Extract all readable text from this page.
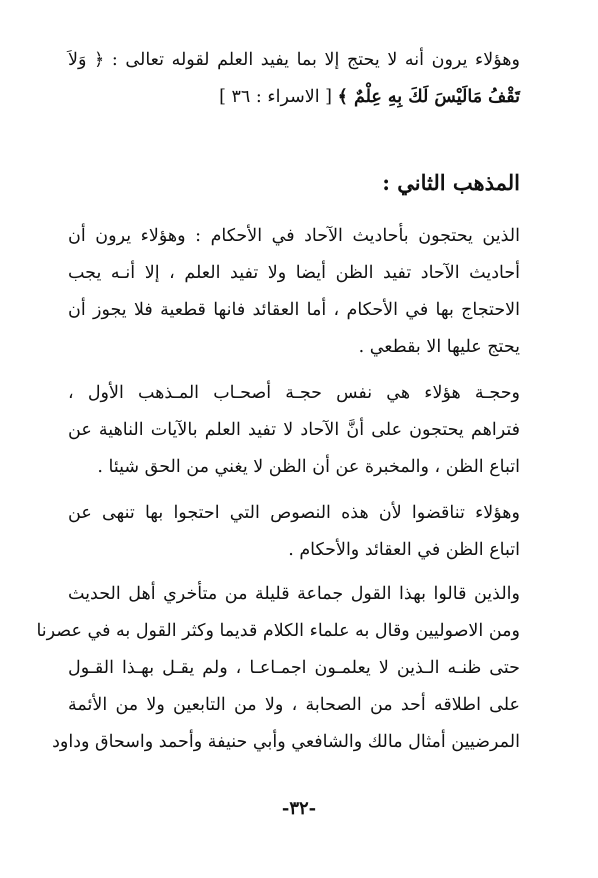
وهؤلاء يرون أنه لا يحتج إلا بما يفيد العلم لقوله تعالى : ﴿ وَلاَ
تَقْفُ مَالَيْسَ لَكَ بِهِ عِلْمٌ ﴾ [ الاسراء : ٣٦ ]

المذهب الثاني :

الذين يحتجون بأحاديث الآحاد في الأحكام : وهؤلاء يرون أن
أحاديث الآحاد تفيد الظن أيضا ولا تفيد العلم ، إلا أنـه يجب
الاحتجاج بها في الأحكام ، أما العقائد فانها قطعية فلا يجوز أن
يحتج عليها الا بقطعي .

وحجـة هؤلاء هي نفس حجـة أصحـاب المـذهب الأول ،
فتراهم يحتجون على أنَّ الآحاد لا تفيد العلم بالآيات الناهية عن
اتباع الظن ، والمخبرة عن أن الظن لا يغني من الحق شيئا .

وهؤلاء تناقضوا لأن هذه النصوص التي احتجوا بها تنهى عن
اتباع الظن في العقائد والأحكام .

والذين قالوا بهذا القول جماعة قليلة من متأخري أهل الحديث
ومن الاصوليين وقال به علماء الكلام قديما وكثر القول به في عصرنا
حتى ظنـه الـذين لا يعلمـون اجمـاعـا ، ولم يقـل بهـذا القـول
على اطلاقه أحد من الصحابة ، ولا من التابعين ولا من الأئمة
المرضيين أمثال مالك والشافعي وأبي حنيفة وأحمد واسحاق وداود

-٣٢-
